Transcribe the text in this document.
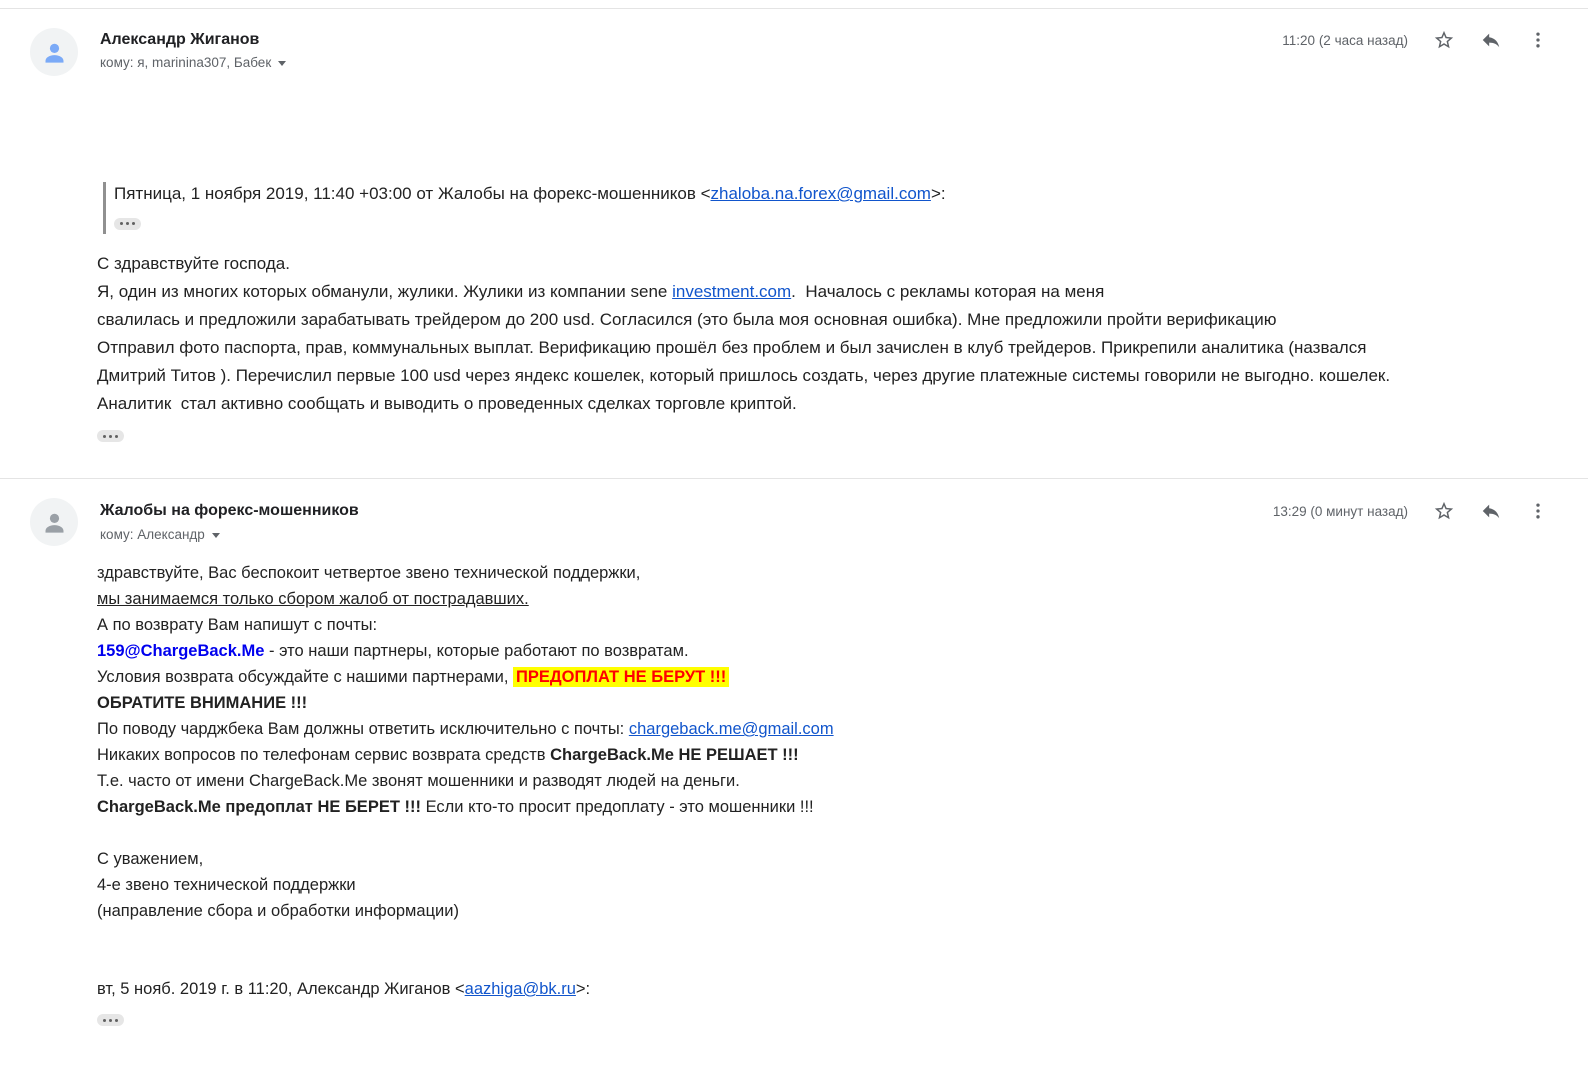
Александр Жиганов
кому: я, marinina307, Бабек
11:20 (2 часа назад)
Пятница, 1 ноября 2019, 11:40 +03:00 от Жалобы на форекс-мошенников <zhaloba.na.forex@gmail.com>:
С здравствуйте господа.
Я, один из многих которых обманули, жулики. Жулики из компании sene investment.com.  Началось с рекламы которая на меня
свалилась и предложили зарабатывать трейдером до 200 usd. Согласился (это была моя основная ошибка). Мне предложили пройти верификацию
Отправил фото паспорта, прав, коммунальных выплат. Верификацию прошёл без проблем и был зачислен в клуб трейдеров. Прикрепили аналитика (назвался
Дмитрий Титов ). Перечислил первые 100 usd через яндекс кошелек, который пришлось создать, через другие платежные системы говорили не выгодно. кошелек.
Аналитик  стал активно сообщать и выводить о проведенных сделках торговле криптой.
Жалобы на форекс-мошенников
кому: Александр
13:29 (0 минут назад)
здравствуйте, Вас беспокоит четвертое звено технической поддержки,
мы занимаемся только сбором жалоб от пострадавших.
А по возврату Вам напишут с почты:
159@ChargeBack.Me - это наши партнеры, которые работают по возвратам.
Условия возврата обсуждайте с нашими партнерами, ПРЕДОПЛАТ НЕ БЕРУТ !!!
ОБРАТИТЕ ВНИМАНИЕ !!!
По поводу чарджбека Вам должны ответить исключительно с почты: chargeback.me@gmail.com
Никаких вопросов по телефонам сервис возврата средств ChargeBack.Me НЕ РЕШАЕТ !!!
Т.е. часто от имени ChargeBack.Me звонят мошенники и разводят людей на деньги.
ChargeBack.Me предоплат НЕ БЕРЕТ !!! Если кто-то просит предоплату - это мошенники !!!
С уважением,
4-е звено технической поддержки
(направление сбора и обработки информации)
вт, 5 нояб. 2019 г. в 11:20, Александр Жиганов <aazhiga@bk.ru>:
